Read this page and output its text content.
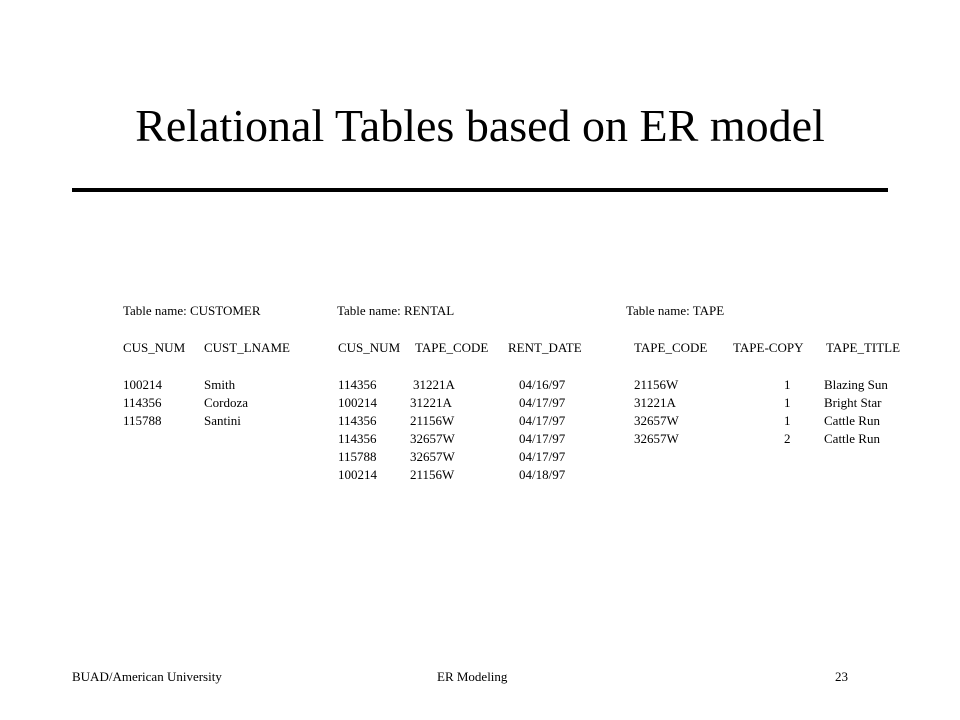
Relational Tables based on ER model
Table name: CUSTOMER
CUS_NUM CUST_LNAME
100214	Smith
114356	Cordoza
115788	Santini
Table name: RENTAL
CUS_NUM TAPE_CODE RENT_DATE
114356	31221A	04/16/97
100214	31221A	04/17/97
114356	21156W	04/17/97
114356	32657W	04/17/97
115788	32657W	04/17/97
100214	21156W	04/18/97
Table name: TAPE
TAPE_CODE TAPE-COPY TAPE_TITLE
21156W	1	Blazing Sun
31221A	1	Bright Star
32657W	1	Cattle Run
32657W	2	Cattle Run
BUAD/American University	ER Modeling	23
